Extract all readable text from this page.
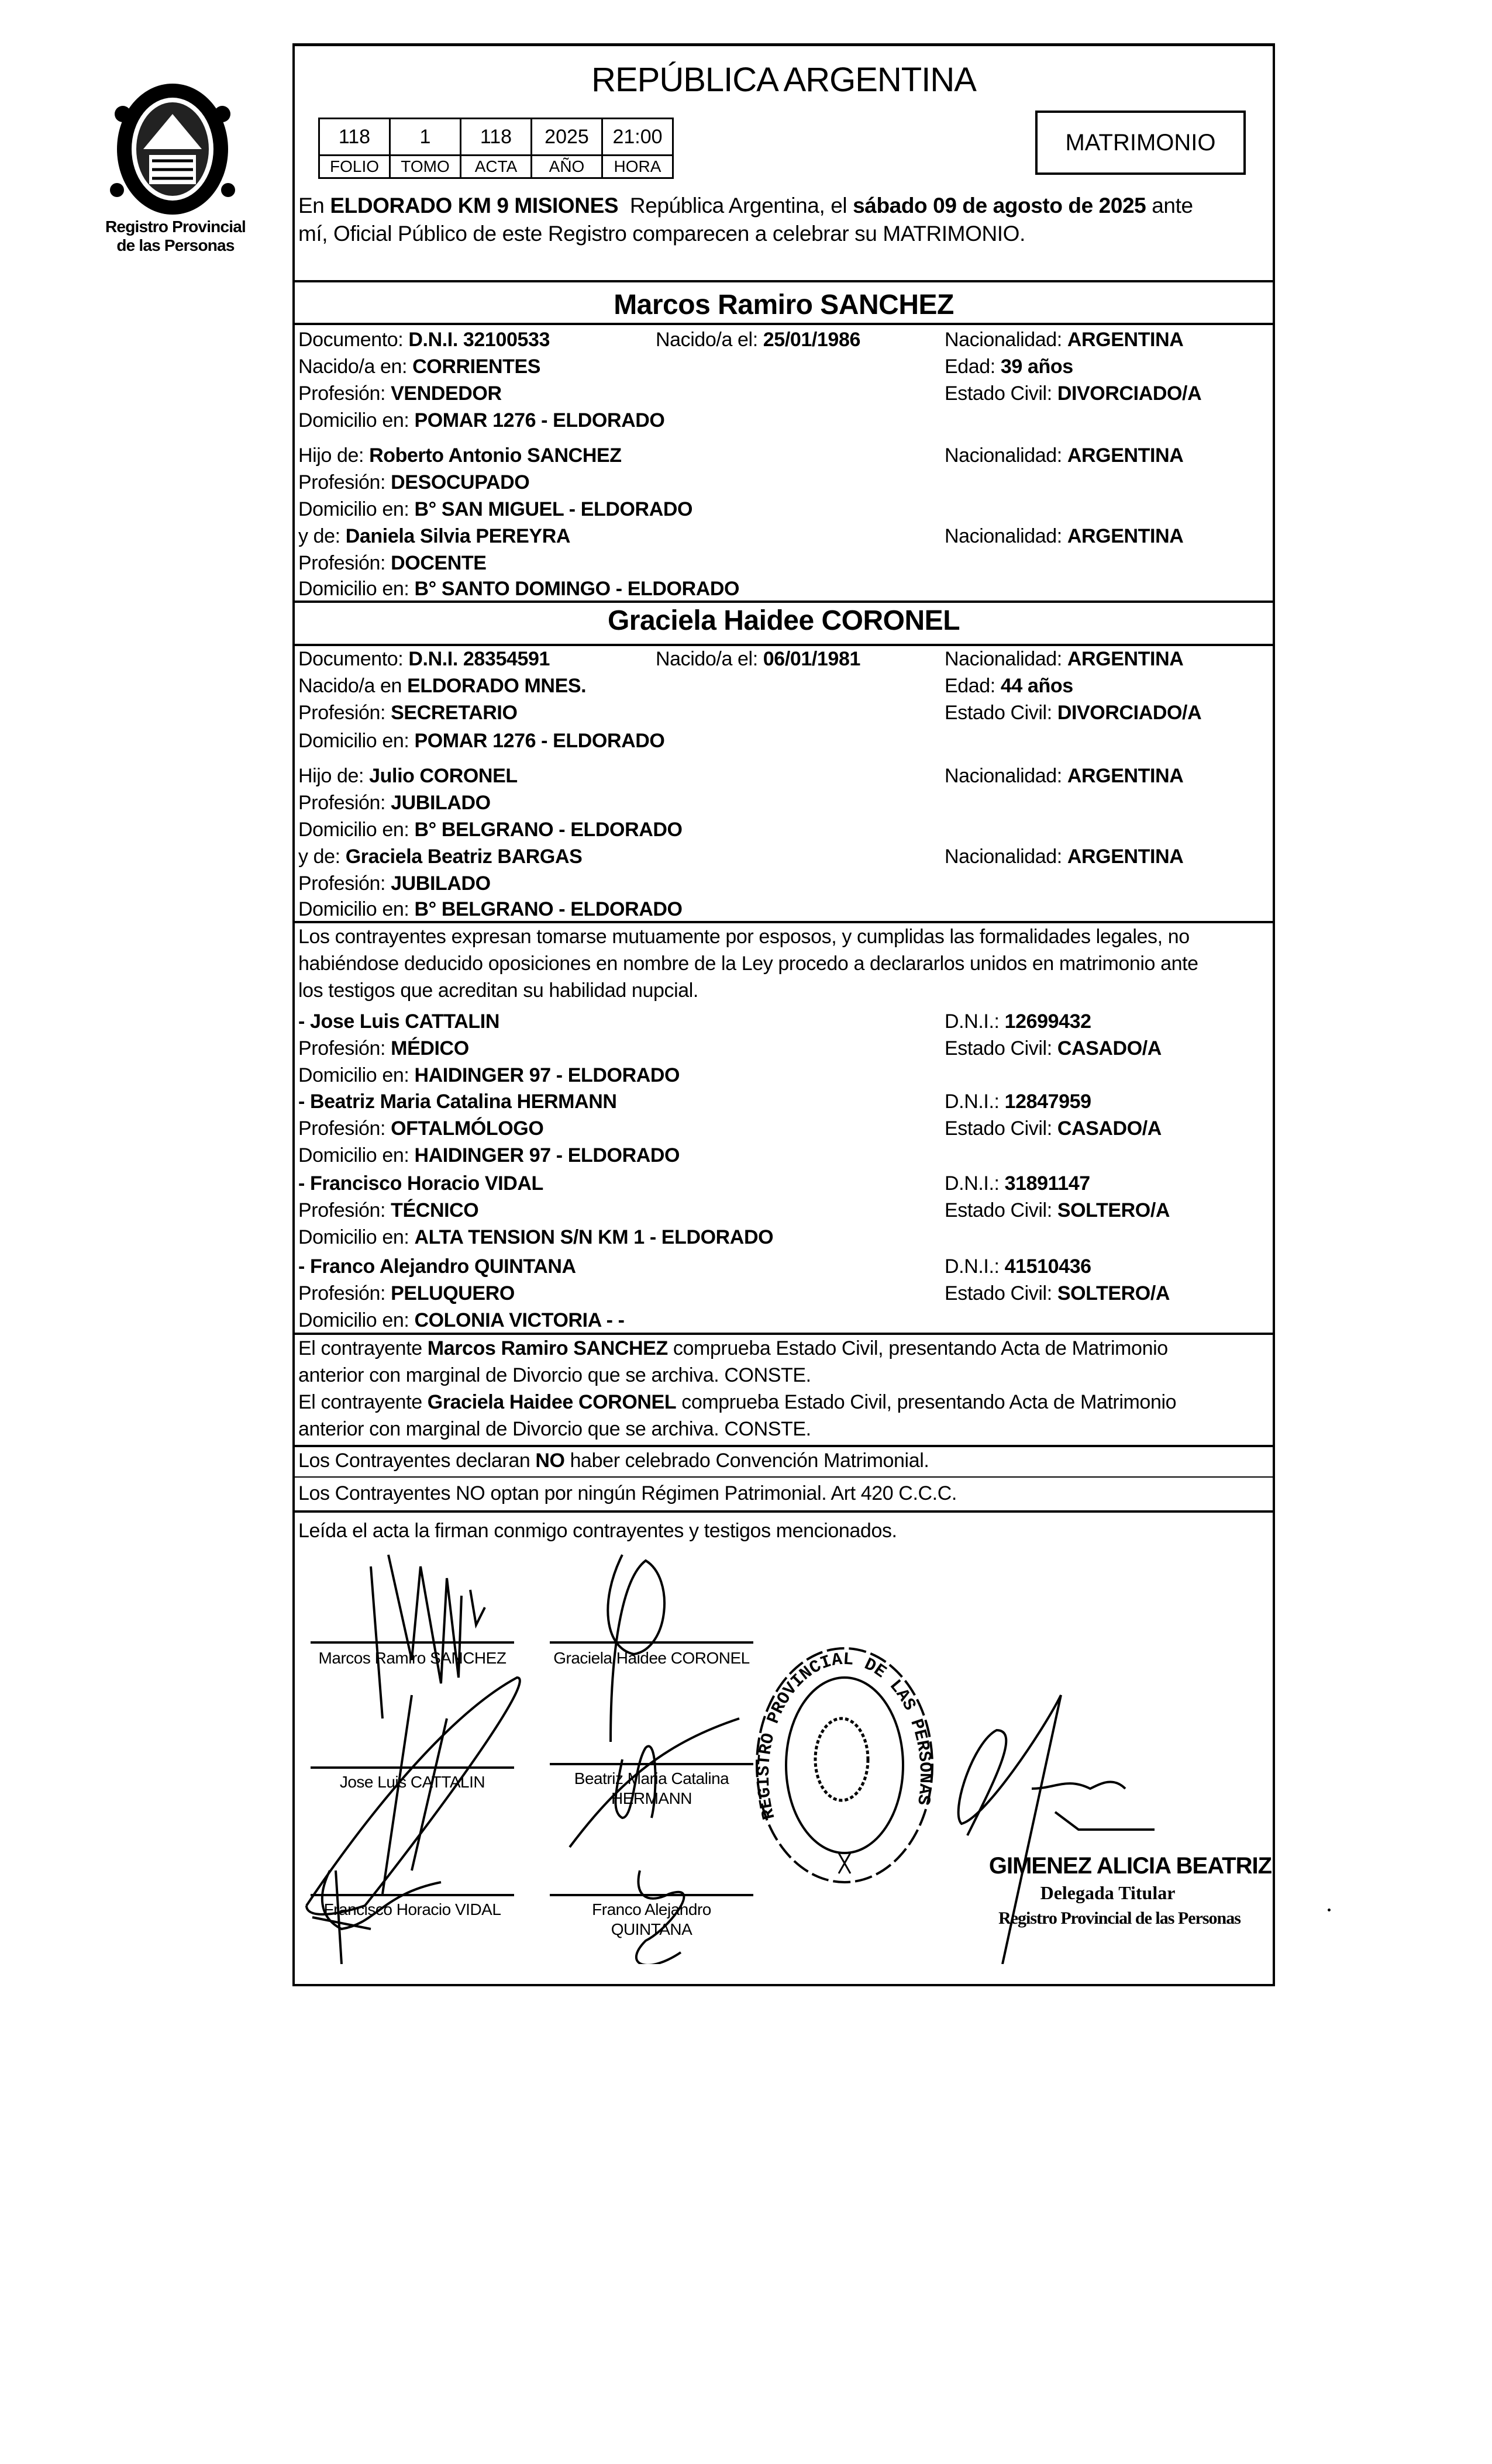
Registro Provincial
de las Personas
REPÚBLICA ARGENTINA
118	1	118	2025	21:00
FOLIO	TOMO	ACTA	AÑO	HORA
MATRIMONIO
En ELDORADO KM 9 MISIONES  República Argentina, el sábado 09 de agosto de 2025 ante
mí, Oficial Público de este Registro comparecen a celebrar su MATRIMONIO.
Marcos Ramiro SANCHEZ
Documento: D.N.I. 32100533	Nacido/a el: 25/01/1986	Nacionalidad: ARGENTINA
Nacido/a en: CORRIENTES	Edad: 39 años
Profesión: VENDEDOR	Estado Civil: DIVORCIADO/A
Domicilio en: POMAR 1276 - ELDORADO
Hijo de: Roberto Antonio SANCHEZ	Nacionalidad: ARGENTINA
Profesión: DESOCUPADO
Domicilio en: B° SAN MIGUEL - ELDORADO
y de: Daniela Silvia PEREYRA	Nacionalidad: ARGENTINA
Profesión: DOCENTE
Domicilio en: B° SANTO DOMINGO - ELDORADO
Graciela Haidee CORONEL
Documento: D.N.I. 28354591	Nacido/a el: 06/01/1981	Nacionalidad: ARGENTINA
Nacido/a en ELDORADO MNES.	Edad: 44 años
Profesión: SECRETARIO	Estado Civil: DIVORCIADO/A
Domicilio en: POMAR 1276 - ELDORADO
Hijo de: Julio CORONEL	Nacionalidad: ARGENTINA
Profesión: JUBILADO
Domicilio en: B° BELGRANO - ELDORADO
y de: Graciela Beatriz BARGAS	Nacionalidad: ARGENTINA
Profesión: JUBILADO
Domicilio en: B° BELGRANO - ELDORADO
Los contrayentes expresan tomarse mutuamente por esposos, y cumplidas las formalidades legales, no
habiéndose deducido oposiciones en nombre de la Ley procedo a declararlos unidos en matrimonio ante
los testigos que acreditan su habilidad nupcial.
- Jose Luis CATTALIN	D.N.I.: 12699432
Profesión: MÉDICO	Estado Civil: CASADO/A
Domicilio en: HAIDINGER 97 - ELDORADO
- Beatriz Maria Catalina HERMANN	D.N.I.: 12847959
Profesión: OFTALMÓLOGO	Estado Civil: CASADO/A
Domicilio en: HAIDINGER 97 - ELDORADO
- Francisco Horacio VIDAL	D.N.I.: 31891147
Profesión: TÉCNICO	Estado Civil: SOLTERO/A
Domicilio en: ALTA TENSION S/N KM 1 - ELDORADO
- Franco Alejandro QUINTANA	D.N.I.: 41510436
Profesión: PELUQUERO	Estado Civil: SOLTERO/A
Domicilio en: COLONIA VICTORIA - -
El contrayente Marcos Ramiro SANCHEZ comprueba Estado Civil, presentando Acta de Matrimonio
anterior con marginal de Divorcio que se archiva. CONSTE.
El contrayente Graciela Haidee CORONEL comprueba Estado Civil, presentando Acta de Matrimonio
anterior con marginal de Divorcio que se archiva. CONSTE.
Los Contrayentes declaran NO haber celebrado Convención Matrimonial.
Los Contrayentes NO optan por ningún Régimen Patrimonial. Art 420 C.C.C.
Leída el acta la firman conmigo contrayentes y testigos mencionados.
Marcos Ramiro SANCHEZ	Graciela Haidee CORONEL
Jose Luis CATTALIN	Beatriz Maria Catalina
HERMANN
Francisco Horacio VIDAL	Franco Alejandro
QUINTANA
REGISTRO PROVINCIAL DE LAS PERSONAS
GIMENEZ ALICIA BEATRIZ
Delegada Titular
Registro Provincial de las Personas
